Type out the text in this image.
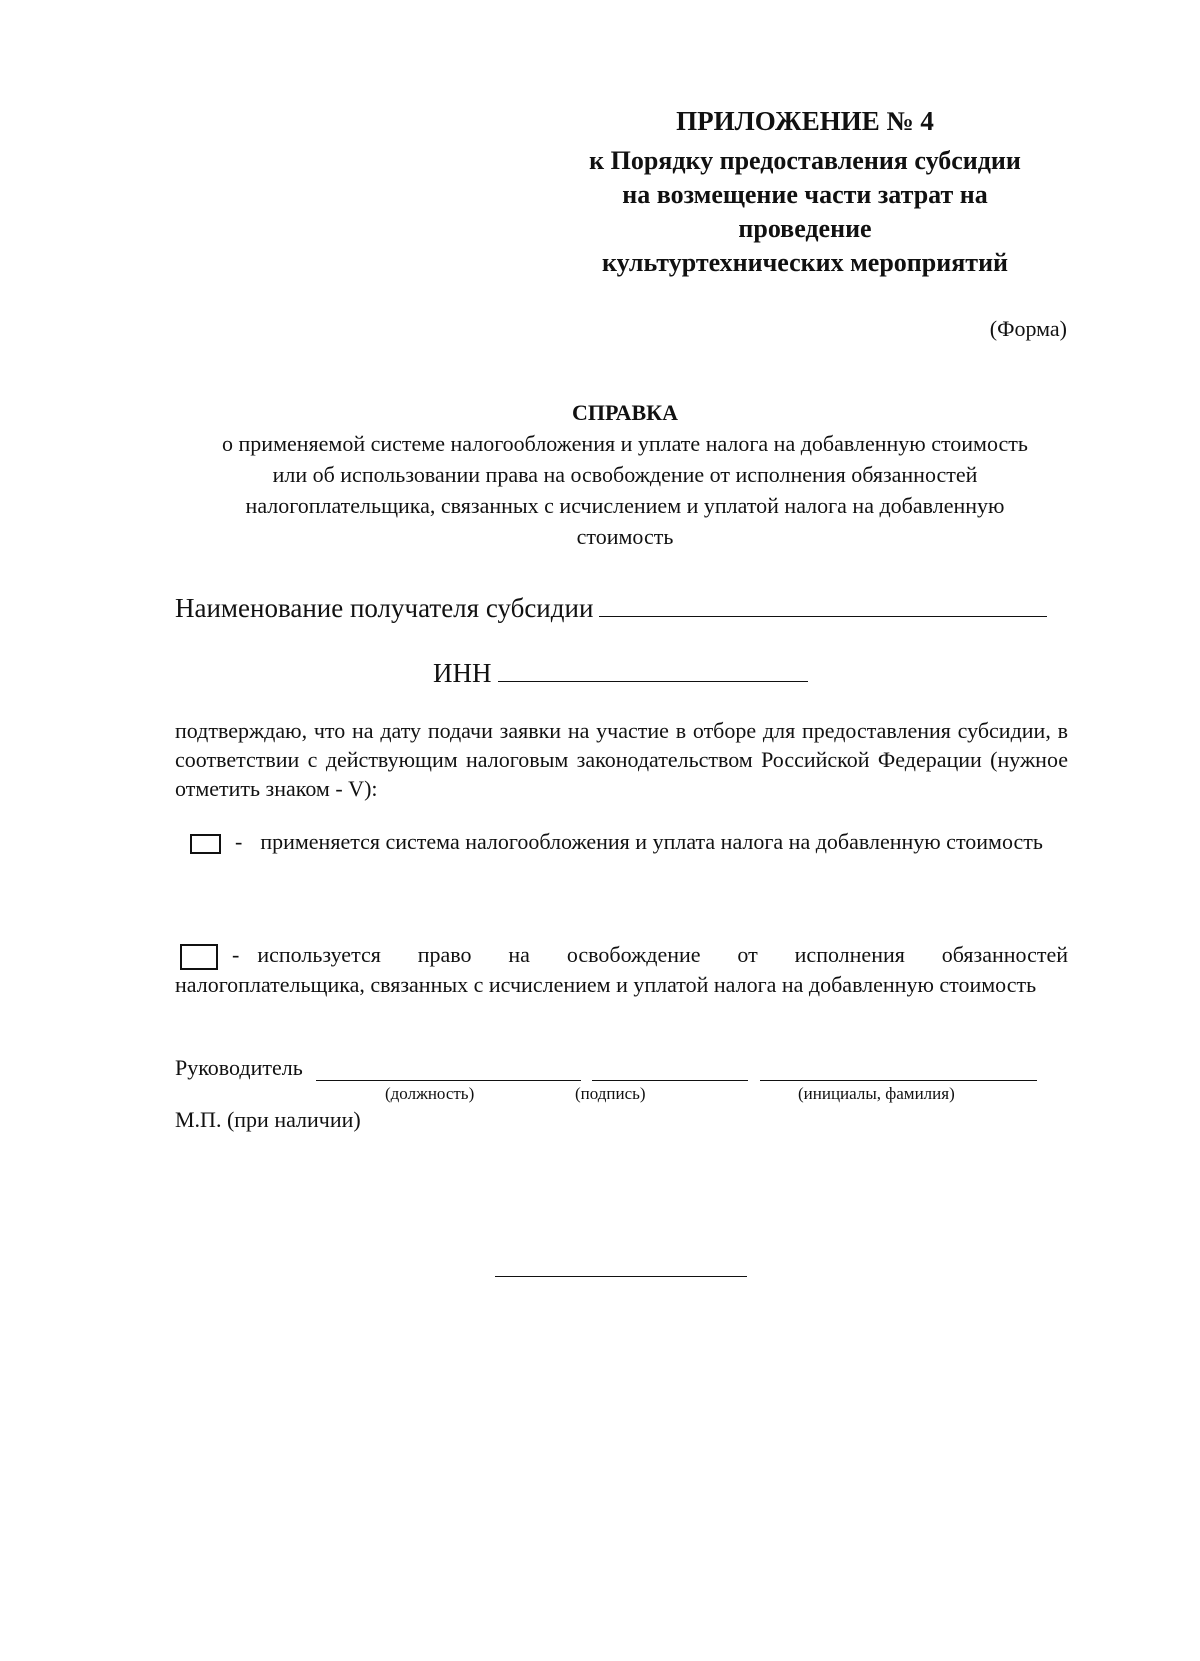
ПРИЛОЖЕНИЕ № 4
к Порядку предоставления субсидии
на возмещение части затрат на
проведение
культуртехнических мероприятий
(Форма)
СПРАВКА
о применяемой системе налогообложения и уплате налога на добавленную стоимость
или об использовании права на освобождение от исполнения обязанностей
налогоплательщика, связанных с исчислением и уплатой налога на добавленную
стоимость
Наименование получателя субсидии
ИНН
подтверждаю, что на дату подачи заявки на участие в отборе для предоставления субсидии, в соответствии с действующим налоговым законодательством Российской Федерации (нужное отметить знаком - V):
- применяется система налогообложения и уплата налога на добавленную стоимость
- используется право на освобождение от исполнения обязанностей налогоплательщика, связанных с исчислением и уплатой налога на добавленную стоимость
Руководитель
(должность)	(подпись)	(инициалы, фамилия)
М.П. (при наличии)
